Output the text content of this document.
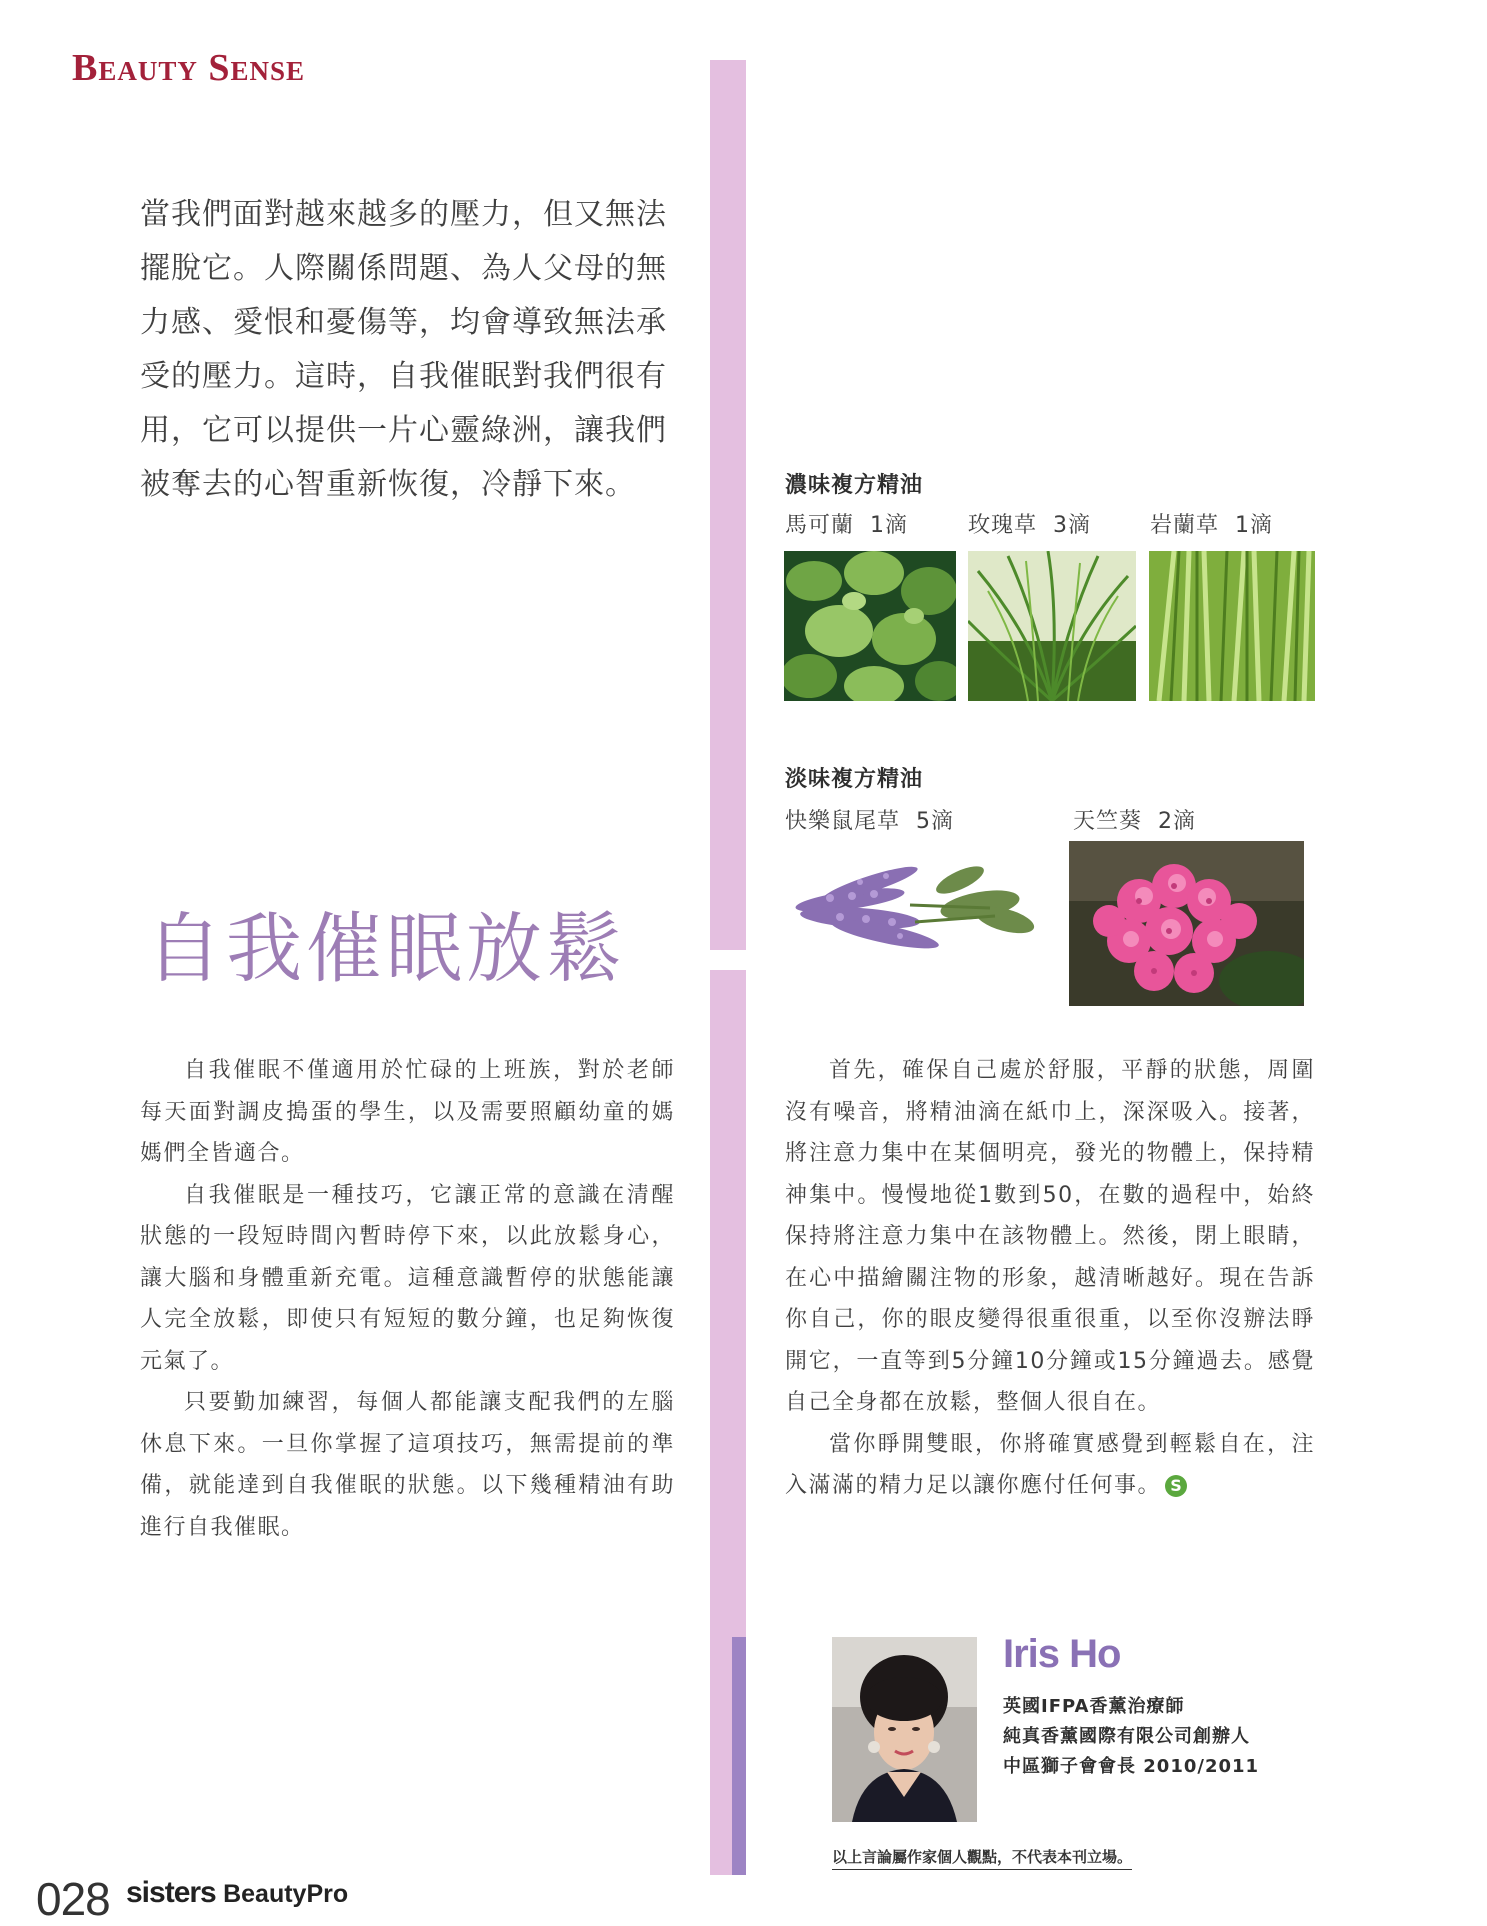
Beauty Sense
當我們面對越來越多的壓力，但又無法擺脫它。人際關係問題、為人父母的無力感、愛恨和憂傷等，均會導致無法承受的壓力。這時，自我催眠對我們很有用，它可以提供一片心靈綠洲，讓我們被奪去的心智重新恢復，冷靜下來。	濃味複方精油
馬可蘭 1滴	玫瑰草 3滴	岩蘭草 1滴
淡味複方精油
快樂鼠尾草 5滴	天竺葵 2滴
自我催眠放鬆

自我催眠不僅適用於忙碌的上班族，對於老師每天面對調皮搗蛋的學生，以及需要照顧幼童的媽媽們全皆適合。

自我催眠是一種技巧，它讓正常的意識在清醒狀態的一段短時間內暫時停下來，以此放鬆身心，讓大腦和身體重新充電。這種意識暫停的狀態能讓人完全放鬆，即使只有短短的數分鐘，也足夠恢復元氣了。

只要勤加練習，每個人都能讓支配我們的左腦休息下來。一旦你掌握了這項技巧，無需提前的準備，就能達到自我催眠的狀態。以下幾種精油有助進行自我催眠。

首先，確保自己處於舒服，平靜的狀態，周圍沒有噪音，將精油滴在紙巾上，深深吸入。接著，將注意力集中在某個明亮，發光的物體上，保持精神集中。慢慢地從1數到50，在數的過程中，始終保持將注意力集中在該物體上。然後，閉上眼睛，在心中描繪關注物的形象，越清晰越好。現在告訴你自己，你的眼皮變得很重很重，以至你沒辦法睜開它，一直等到5分鐘10分鐘或15分鐘過去。感覺自己全身都在放鬆，整個人很自在。

當你睜開雙眼，你將確實感覺到輕鬆自在，注入滿滿的精力足以讓你應付任何事。 S

Iris Ho
英國IFPA香薰治療師
純真香薰國際有限公司創辦人
中區獅子會會長 2010/2011
以上言論屬作家個人觀點，不代表本刊立場。
028 sisters BeautyPro
